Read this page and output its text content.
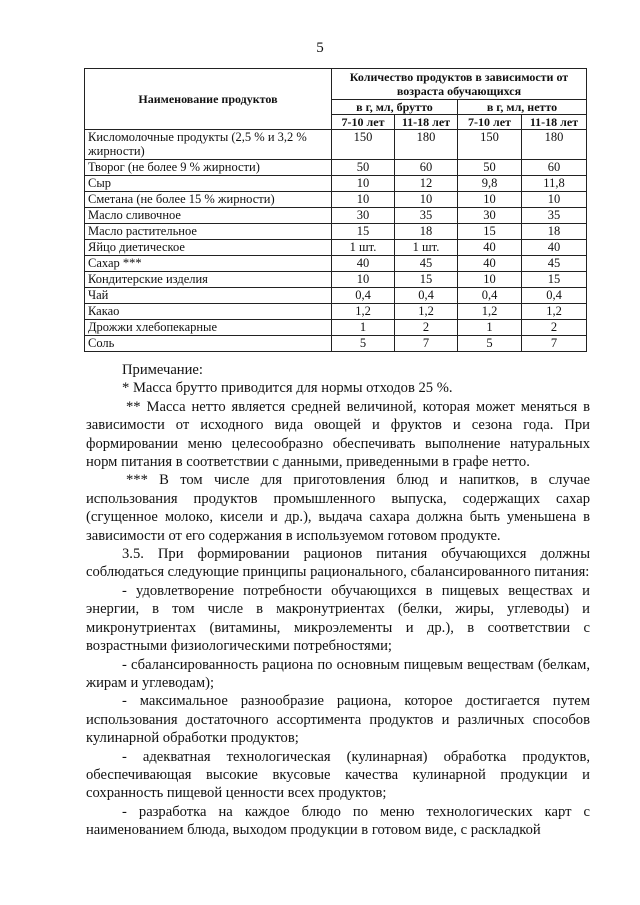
5
Наименование продуктов	Количество продуктов в зависимости от возраста обучающихся			
	в г, мл, брутто		в г, мл, нетто	
	7-10 лет	11-18 лет	7-10 лет	11-18 лет
Кисломолочные продукты (2,5 % и 3,2 % жирности)	150	180	150	180
Творог (не более 9 % жирности)	50	60	50	60
Сыр	10	12	9,8	11,8
Сметана (не более 15 % жирности)	10	10	10	10
Масло сливочное	30	35	30	35
Масло растительное	15	18	15	18
Яйцо диетическое	1 шт.	1 шт.	40	40
Сахар ***	40	45	40	45
Кондитерские изделия	10	15	10	15
Чай	0,4	0,4	0,4	0,4
Какао	1,2	1,2	1,2	1,2
Дрожжи хлебопекарные	1	2	1	2
Соль	5	7	5	7

Примечание:

* Масса брутто приводится для нормы отходов 25 %.

** Масса нетто является средней величиной, которая может меняться в зависимости от исходного вида овощей и фруктов и сезона года. При формировании меню целесообразно обеспечивать выполнение натуральных норм питания в соответствии с данными, приведенными в графе нетто.

*** В том числе для приготовления блюд и напитков, в случае использования продуктов промышленного выпуска, содержащих сахар (сгущенное молоко, кисели и др.), выдача сахара должна быть уменьшена в зависимости от его содержания в используемом готовом продукте.

3.5. При формировании рационов питания обучающихся должны соблюдаться следующие принципы рационального, сбалансированного питания:

- удовлетворение потребности обучающихся в пищевых веществах и энергии, в том числе в макронутриентах (белки, жиры, углеводы) и микронутриентах (витамины, микроэлементы и др.), в соответствии с возрастными физиологическими потребностями;

- сбалансированность рациона по основным пищевым веществам (белкам, жирам и углеводам);

- максимальное разнообразие рациона, которое достигается путем использования достаточного ассортимента продуктов и различных способов кулинарной обработки продуктов;

- адекватная технологическая (кулинарная) обработка продуктов, обеспечивающая высокие вкусовые качества кулинарной продукции и сохранность пищевой ценности всех продуктов;

- разработка на каждое блюдо по меню технологических карт с наименованием блюда, выходом продукции в готовом виде, с раскладкой
